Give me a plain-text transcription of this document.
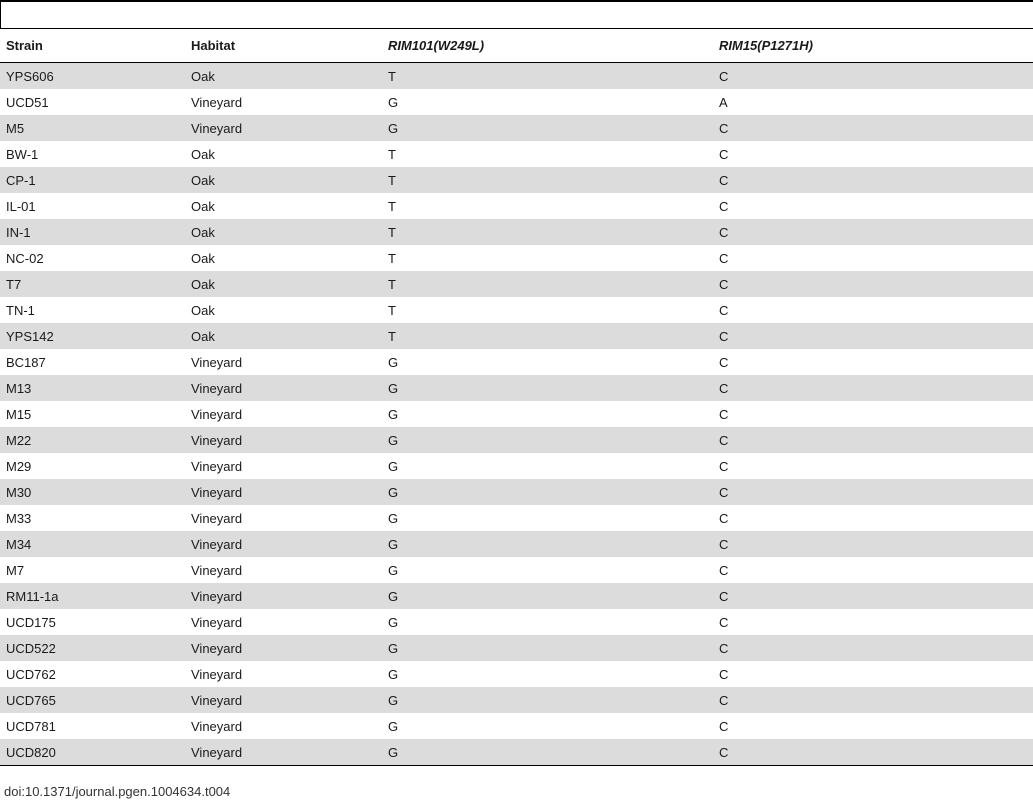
Strain	Habitat	RIM101(W249L)	RIM15(P1271H)
YPS606	Oak	T	C
UCD51	Vineyard	G	A
M5	Vineyard	G	C
BW-1	Oak	T	C
CP-1	Oak	T	C
IL-01	Oak	T	C
IN-1	Oak	T	C
NC-02	Oak	T	C
T7	Oak	T	C
TN-1	Oak	T	C
YPS142	Oak	T	C
BC187	Vineyard	G	C
M13	Vineyard	G	C
M15	Vineyard	G	C
M22	Vineyard	G	C
M29	Vineyard	G	C
M30	Vineyard	G	C
M33	Vineyard	G	C
M34	Vineyard	G	C
M7	Vineyard	G	C
RM11-1a	Vineyard	G	C
UCD175	Vineyard	G	C
UCD522	Vineyard	G	C
UCD762	Vineyard	G	C
UCD765	Vineyard	G	C
UCD781	Vineyard	G	C
UCD820	Vineyard	G	C
doi:10.1371/journal.pgen.1004634.t004
